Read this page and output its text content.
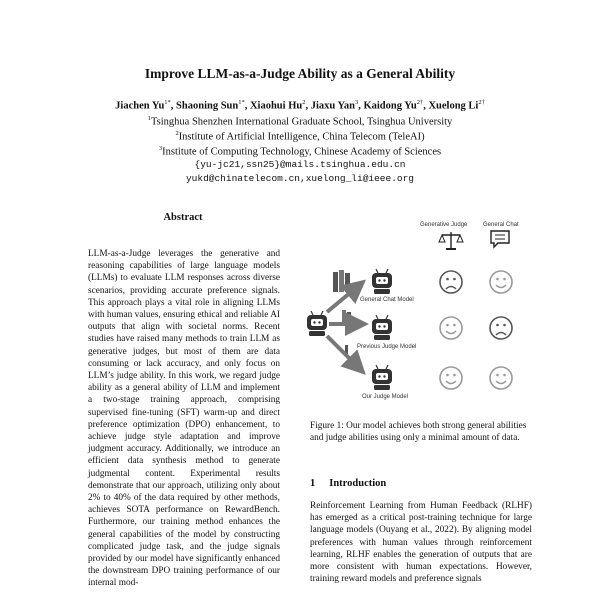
Improve LLM-as-a-Judge Ability as a General Ability
Jiachen $Yu^{1*}$, Shaoning Sun$^{1*}$, Xiaohui Hu$^2$, Jiaxu Yan$^3$, Kaidong $Yu^{2\dagger}$, Xuelong $Li^{2\dagger}$
$^1$Tsinghua Shenzhen International Graduate School, Tsinghua University
$^2$Institute of Artificial Intelligence, China Telecom (TeleAI)
$^3$Institute of Computing Technology, Chinese Academy of Sciences
{yu-jc21,ssn25}@mails.tsinghua.edu.cn
yukd@chinatelecom.cn,xuelong_li@ieee.org
Abstract
LLM-as-a-Judge leverages the generative and reasoning capabilities of large language models (LLMs) to evaluate LLM responses across diverse scenarios, providing accurate preference signals. This approach plays a vital role in aligning LLMs with human values, ensuring ethical and reliable AI outputs that align with societal norms. Recent studies have raised many methods to train LLM as generative judges, but most of them are data consuming or lack accuracy, and only focus on LLM’s judge ability. In this work, we regard judge ability as a general ability of LLM and implement a two-stage training approach, comprising supervised fine-tuning (SFT) warm-up and direct preference optimization (DPO) enhancement, to achieve judge style adaptation and improve judgment accuracy. Additionally, we introduce an efficient data synthesis method to generate judgmental content. Experimental results demonstrate that our approach, utilizing only about 2% to 40% of the data required by other methods, achieves SOTA performance on RewardBench. Furthermore, our training method enhances the general capabilities of the model by constructing complicated judge task, and the judge signals provided by our model have significantly enhanced the downstream DPO training performance of our internal mod-
Generative Judge	General Chat
General Chat Model
Previous Judge Model
Our Judge Model
Figure 1: Our model achieves both strong general abilities and judge abilities using only a minimal amount of data.
1 Introduction
Reinforcement Learning from Human Feedback (RLHF) has emerged as a critical post-training technique for large language models (Ouyang et al., 2022). By aligning model preferences with human values through reinforcement learning, RLHF enables the generation of outputs that are more consistent with human expectations. However, training reward models and preference signals
